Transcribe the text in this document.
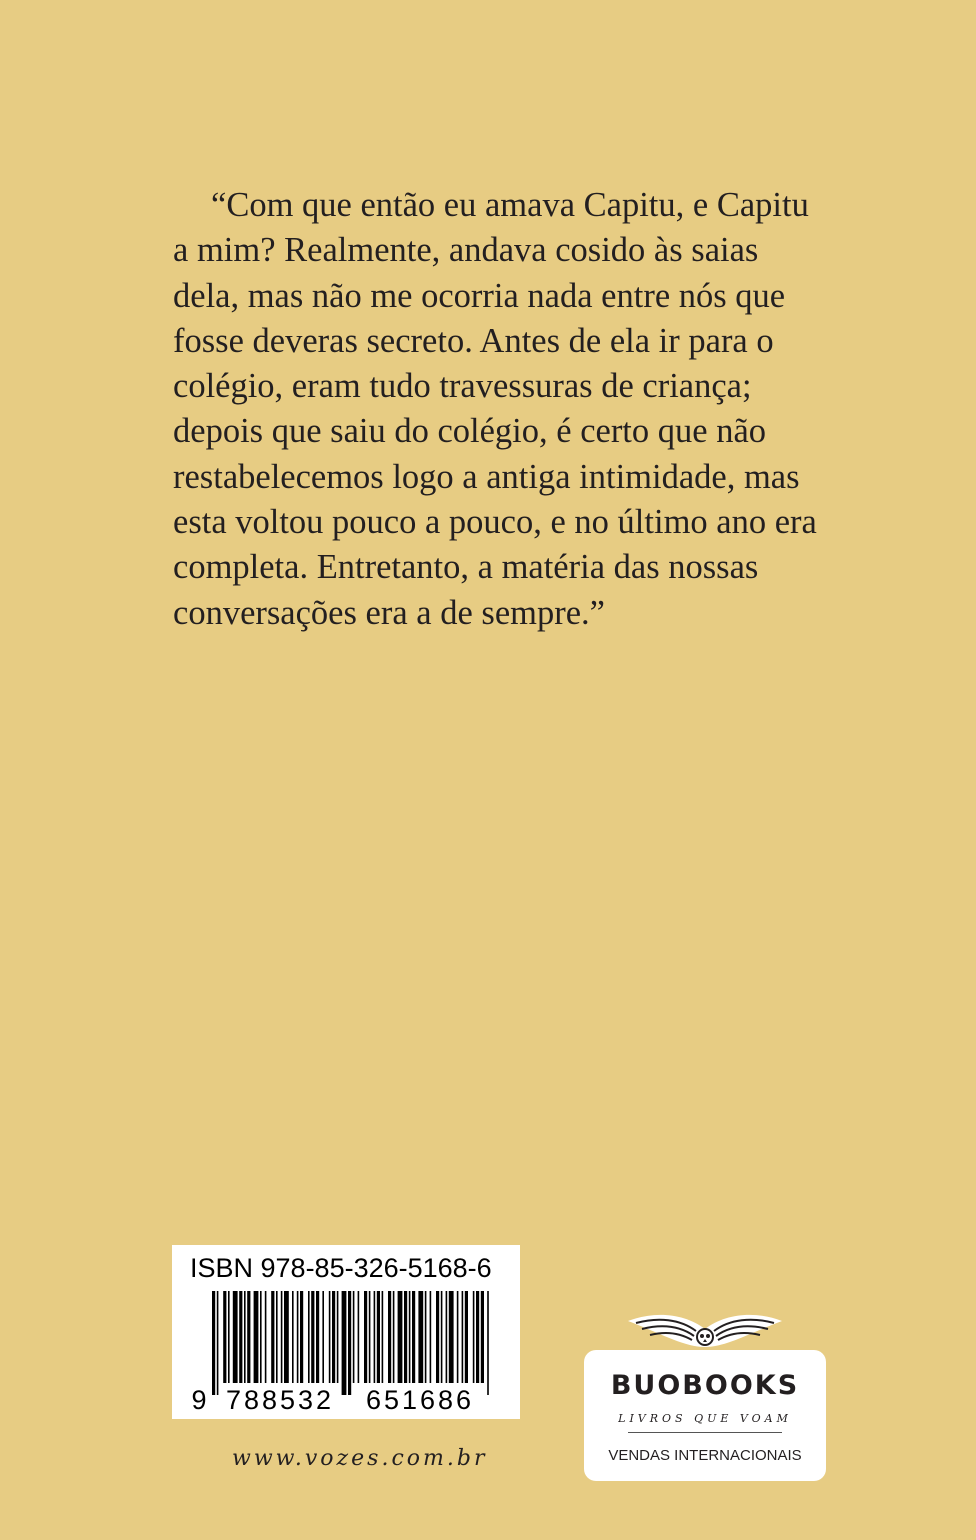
“Com que então eu amava Capitu, e Capitu
a mim? Realmente, andava cosido às saias
dela, mas não me ocorria nada entre nós que
fosse deveras secreto. Antes de ela ir para o
colégio, eram tudo travessuras de criança;
depois que saiu do colégio, é certo que não
restabelecemos logo a antiga intimidade, mas
esta voltou pouco a pouco, e no último ano era
completa. Entretanto, a matéria das nossas
conversações era a de sempre.”
ISBN 978-85-326-5168-6
9 788532 651686
www.vozes.com.br
BUOBOOKS
LIVROS QUE VOAM
VENDAS INTERNACIONAIS
